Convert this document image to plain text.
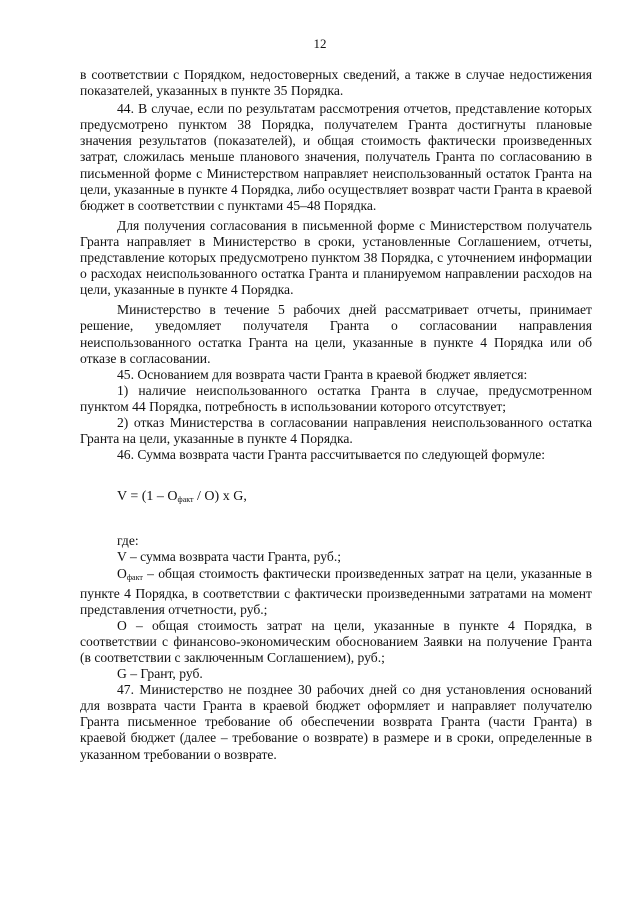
12

в соответствии с Порядком, недостоверных сведений, а также в случае недостижения показателей, указанных в пункте 35 Порядка.

44. В случае, если по результатам рассмотрения отчетов, представление которых предусмотрено пунктом 38 Порядка, получателем Гранта достигнуты плановые значения результатов (показателей), и общая стоимость фактически произведенных затрат, сложилась меньше планового значения, получатель Гранта по согласованию в письменной форме с Министерством направляет неиспользованный остаток Гранта на цели, указанные в пункте 4 Порядка, либо осуществляет возврат части Гранта в краевой бюджет в соответствии с пунктами 45–48 Порядка.

Для получения согласования в письменной форме с Министерством получатель Гранта направляет в Министерство в сроки, установленные Соглашением, отчеты, представление которых предусмотрено пунктом 38 Порядка, с уточнением информации о расходах неиспользованного остатка Гранта и планируемом направлении расходов на цели, указанные в пункте 4 Порядка.

Министерство в течение 5 рабочих дней рассматривает отчеты, принимает решение, уведомляет получателя Гранта о согласовании направления неиспользованного остатка Гранта на цели, указанные в пункте 4 Порядка или об отказе в согласовании.

45. Основанием для возврата части Гранта в краевой бюджет является:

1) наличие неиспользованного остатка Гранта в случае, предусмотренном пунктом 44 Порядка, потребность в использовании которого отсутствует;

2) отказ Министерства в согласовании направления неиспользованного остатка Гранта на цели, указанные в пункте 4 Порядка.

46. Сумма возврата части Гранта рассчитывается по следующей формуле:

$V = (1 - О_{факт} / О)$ х G,

где:

V – сумма возврата части Гранта, руб.;

$О_{факт}$ – общая стоимость фактически произведенных затрат на цели, указанные в пункте 4 Порядка, в соответствии с фактически произведенными затратами на момент представления отчетности, руб.;

О – общая стоимость затрат на цели, указанные в пункте 4 Порядка, в соответствии с финансово-экономическим обоснованием Заявки на получение Гранта (в соответствии с заключенным Соглашением), руб.;

G – Грант, руб.

47. Министерство не позднее 30 рабочих дней со дня установления оснований для возврата части Гранта в краевой бюджет оформляет и направляет получателю Гранта письменное требование об обеспечении возврата Гранта (части Гранта) в краевой бюджет (далее – требование о возврате) в размере и в сроки, определенные в указанном требовании о возврате.
